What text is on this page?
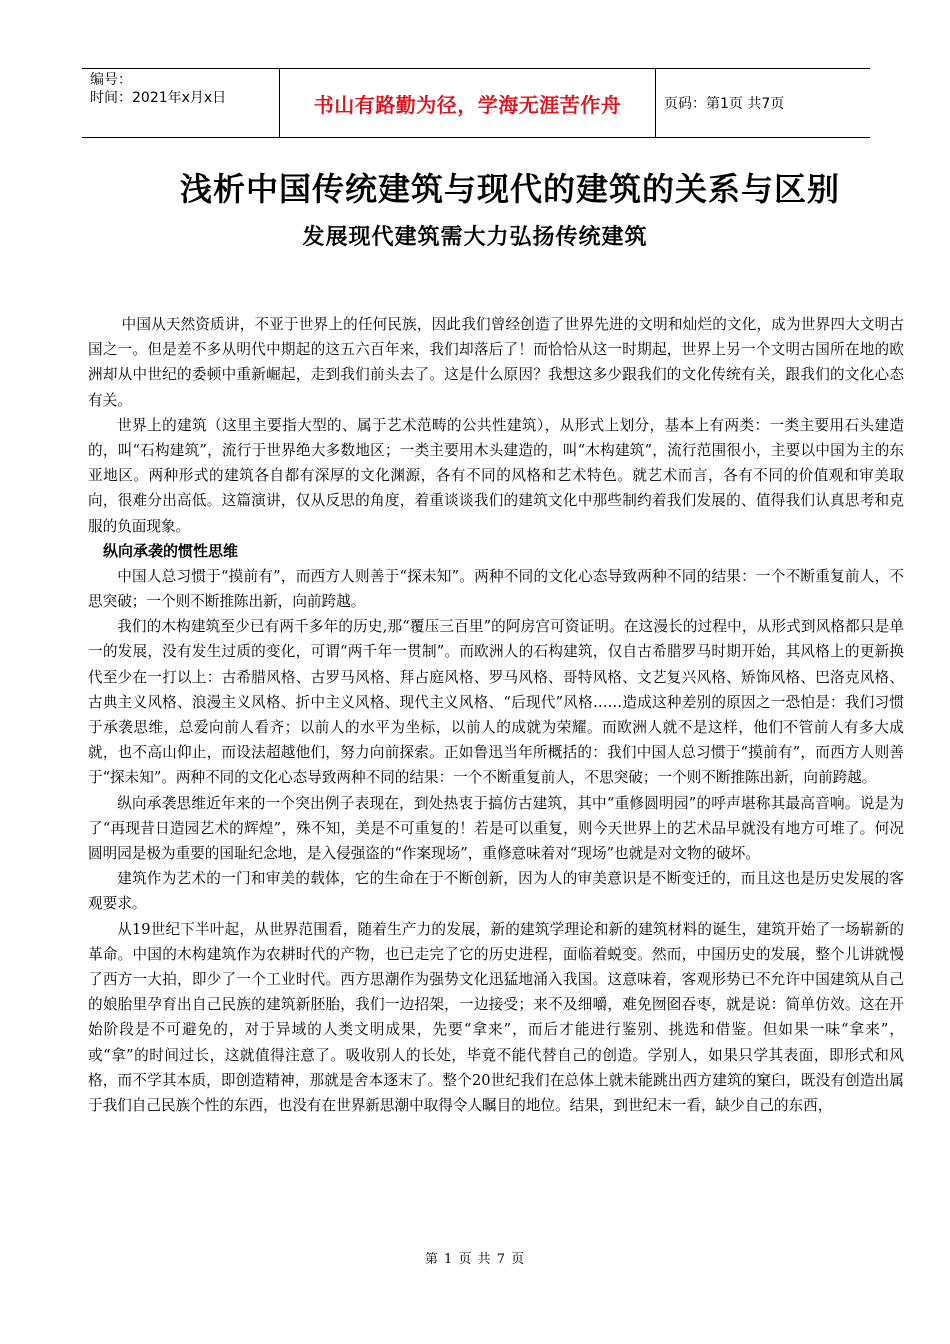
编号：
时间：2021年x月x日	书山有路勤为径，学海无涯苦作舟	页码：第1页 共7页
浅析中国传统建筑与现代的建筑的关系与区别
发展现代建筑需大力弘扬传统建筑

中国从天然资质讲，不亚于世界上的任何民族，因此我们曾经创造了世界先进的文明和灿烂的文化，成为世界四大文明古国之一。但是差不多从明代中期起的这五六百年来，我们却落后了！而恰恰从这一时期起，世界上另一个文明古国所在地的欧洲却从中世纪的委顿中重新崛起，走到我们前头去了。这是什么原因？我想这多少跟我们的文化传统有关，跟我们的文化心态有关。

世界上的建筑（这里主要指大型的、属于艺术范畴的公共性建筑），从形式上划分，基本上有两类：一类主要用石头建造的，叫“石构建筑”，流行于世界绝大多数地区；一类主要用木头建造的，叫“木构建筑”，流行范围很小，主要以中国为主的东亚地区。两种形式的建筑各自都有深厚的文化渊源，各有不同的风格和艺术特色。就艺术而言，各有不同的价值观和审美取向，很难分出高低。这篇演讲，仅从反思的角度，着重谈谈我们的建筑文化中那些制约着我们发展的、值得我们认真思考和克服的负面现象。

纵向承袭的惯性思维

中国人总习惯于“摸前有”，而西方人则善于“探未知”。两种不同的文化心态导致两种不同的结果：一个不断重复前人，不思突破；一个则不断推陈出新，向前跨越。

我们的木构建筑至少已有两千多年的历史,那“覆压三百里”的阿房宫可资证明。在这漫长的过程中，从形式到风格都只是单一的发展，没有发生过质的变化，可谓“两千年一贯制”。而欧洲人的石构建筑，仅自古希腊罗马时期开始，其风格上的更新换代至少在一打以上：古希腊风格、古罗马风格、拜占庭风格、罗马风格、哥特风格、文艺复兴风格、矫饰风格、巴洛克风格、古典主义风格、浪漫主义风格、折中主义风格、现代主义风格、“后现代”风格……造成这种差别的原因之一恐怕是：我们习惯于承袭思维，总爱向前人看齐；以前人的水平为坐标，以前人的成就为荣耀。而欧洲人就不是这样，他们不管前人有多大成就，也不高山仰止，而设法超越他们，努力向前探索。正如鲁迅当年所概括的：我们中国人总习惯于“摸前有”，而西方人则善于“探未知”。两种不同的文化心态导致两种不同的结果：一个不断重复前人，不思突破；一个则不断推陈出新，向前跨越。

纵向承袭思维近年来的一个突出例子表现在，到处热衷于搞仿古建筑，其中“重修圆明园”的呼声堪称其最高音响。说是为了“再现昔日造园艺术的辉煌”，殊不知，美是不可重复的！若是可以重复，则今天世界上的艺术品早就没有地方可堆了。何况圆明园是极为重要的国耻纪念地，是入侵强盗的“作案现场”，重修意味着对“现场”也就是对文物的破坏。

建筑作为艺术的一门和审美的载体，它的生命在于不断创新，因为人的审美意识是不断变迁的，而且这也是历史发展的客观要求。

从19世纪下半叶起，从世界范围看，随着生产力的发展，新的建筑学理论和新的建筑材料的诞生，建筑开始了一场崭新的革命。中国的木构建筑作为农耕时代的产物，也已走完了它的历史进程，面临着蜕变。然而，中国历史的发展，整个儿讲就慢了西方一大拍，即少了一个工业时代。西方思潮作为强势文化迅猛地涌入我国。这意味着，客观形势已不允许中国建筑从自己的娘胎里孕育出自己民族的建筑新胚胎，我们一边招架，一边接受；来不及细嚼，难免囫囵吞枣，就是说：简单仿效。这在开始阶段是不可避免的，对于异域的人类文明成果，先要“拿来”，而后才能进行鉴别、挑选和借鉴。但如果一味“拿来”，或“拿”的时间过长，这就值得注意了。吸收别人的长处，毕竟不能代替自己的创造。学别人，如果只学其表面，即形式和风格，而不学其本质，即创造精神，那就是舍本逐末了。整个20世纪我们在总体上就未能跳出西方建筑的窠臼，既没有创造出属于我们自己民族个性的东西，也没有在世界新思潮中取得令人瞩目的地位。结果，到世纪末一看，缺少自己的东西，

第 1 页 共 7 页
